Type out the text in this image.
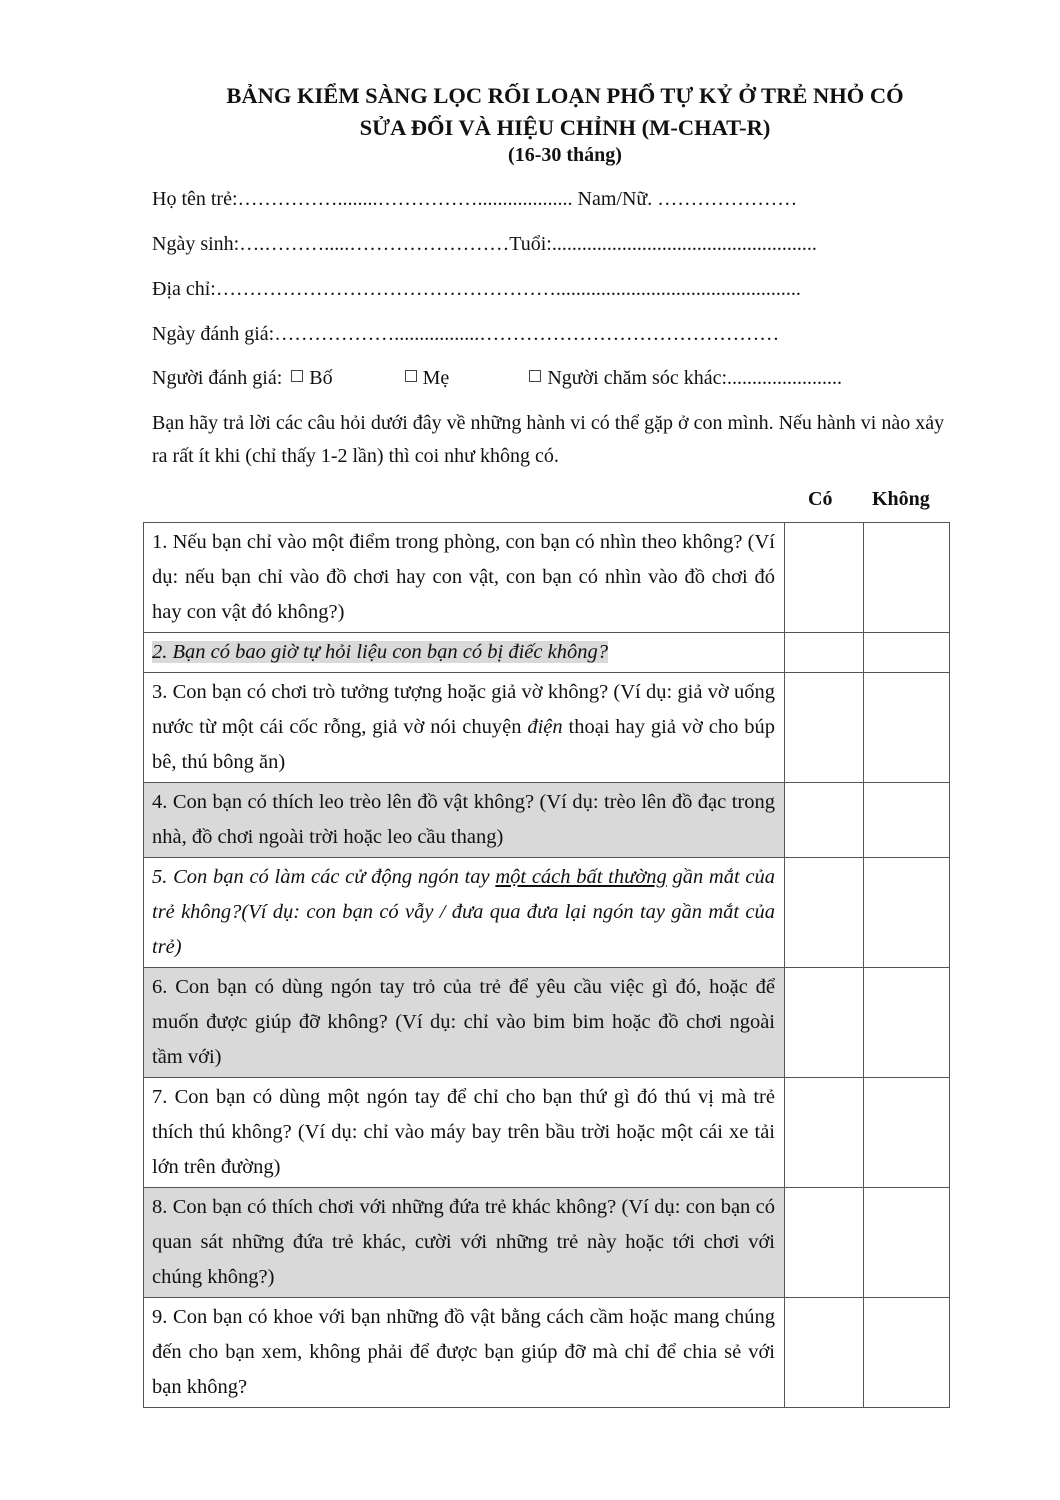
BẢNG KIỂM SÀNG LỌC RỐI LOẠN PHỔ TỰ KỶ Ở TRẺ NHỎ CÓ
SỬA ĐỔI VÀ HIỆU CHỈNH (M-CHAT-R)
(16-30 tháng)
Họ tên trẻ:……………........……………................... Nam/Nữ. …………………
Ngày sinh:….……….....……………………Tuổi:.....................................................
Địa chỉ:…………………………………………….................................................
Ngày đánh giá:……………….................………………………………………
Người đánh giá: Bố	Mẹ	Người chăm sóc khác:.......................
Bạn hãy trả lời các câu hỏi dưới đây về những hành vi có thể gặp ở con mình. Nếu hành vi nào xảy ra rất ít khi (chỉ thấy 1-2 lần) thì coi như không có.
Có Không
1. Nếu bạn chỉ vào một điểm trong phòng, con bạn có nhìn theo không? (Ví dụ: nếu bạn chỉ vào đồ chơi hay con vật, con bạn có nhìn vào đồ chơi đó hay con vật đó không?)		
2. Bạn có bao giờ tự hỏi liệu con bạn có bị điếc không?		
3. Con bạn có chơi trò tưởng tượng hoặc giả vờ không? (Ví dụ: giả vờ uống nước từ một cái cốc rỗng, giả vờ nói chuyện điện thoại hay giả vờ cho búp bê, thú bông ăn)		
4. Con bạn có thích leo trèo lên đồ vật không? (Ví dụ: trèo lên đồ đạc trong nhà, đồ chơi ngoài trời hoặc leo cầu thang)		
5. Con bạn có làm các cử động ngón tay một cách bất thường gần mắt của trẻ không?(Ví dụ: con bạn có vẫy / đưa qua đưa lại ngón tay gần mắt của trẻ)		
6. Con bạn có dùng ngón tay trỏ của trẻ để yêu cầu việc gì đó, hoặc để muốn được giúp đỡ không? (Ví dụ: chỉ vào bim bim hoặc đồ chơi ngoài tầm với)		
7. Con bạn có dùng một ngón tay để chỉ cho bạn thứ gì đó thú vị mà trẻ thích thú không? (Ví dụ: chỉ vào máy bay trên bầu trời hoặc một cái xe tải lớn trên đường)		
8. Con bạn có thích chơi với những đứa trẻ khác không? (Ví dụ: con bạn có quan sát những đứa trẻ khác, cười với những trẻ này hoặc tới chơi với chúng không?)		
9. Con bạn có khoe với bạn những đồ vật bằng cách cầm hoặc mang chúng đến cho bạn xem, không phải để được bạn giúp đỡ mà chỉ để chia sẻ với bạn không?		
